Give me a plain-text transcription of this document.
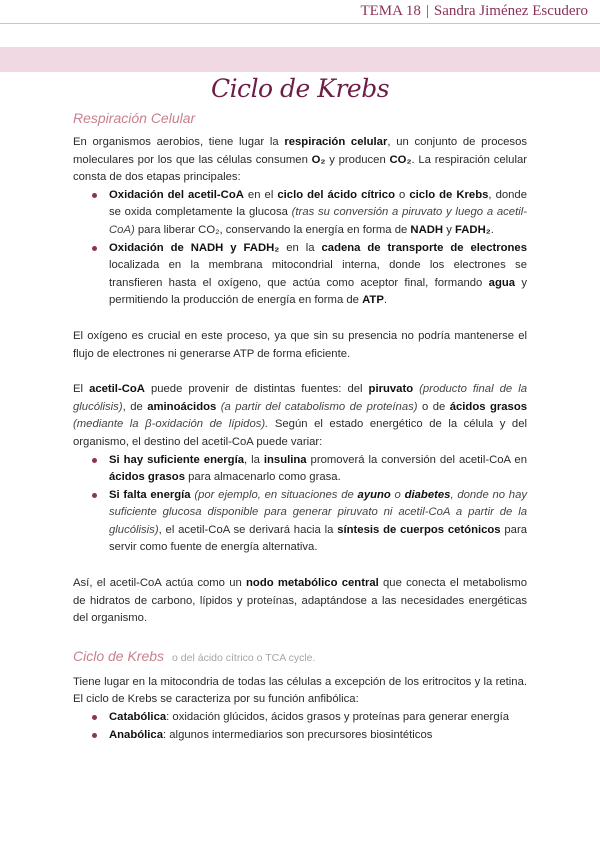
TEMA 18 | Sandra Jiménez Escudero
Ciclo de Krebs
Respiración Celular

En organismos aerobios, tiene lugar la respiración celular, un conjunto de procesos moleculares por los que las células consumen O₂ y producen CO₂. La respiración celular consta de dos etapas principales:

Oxidación del acetil-CoA en el ciclo del ácido cítrico o ciclo de Krebs, donde se oxida completamente la glucosa (tras su conversión a piruvato y luego a acetil-CoA) para liberar CO₂, conservando la energía en forma de NADH y FADH₂.
Oxidación de NADH y FADH₂ en la cadena de transporte de electrones localizada en la membrana mitocondrial interna, donde los electrones se transfieren hasta el oxígeno, que actúa como aceptor final, formando agua y permitiendo la producción de energía en forma de ATP.

El oxígeno es crucial en este proceso, ya que sin su presencia no podría mantenerse el flujo de electrones ni generarse ATP de forma eficiente.

El acetil-CoA puede provenir de distintas fuentes: del piruvato (producto final de la glucólisis), de aminoácidos (a partir del catabolismo de proteínas) o de ácidos grasos (mediante la β-oxidación de lípidos). Según el estado energético de la célula y del organismo, el destino del acetil-CoA puede variar:

Si hay suficiente energía, la insulina promoverá la conversión del acetil-CoA en ácidos grasos para almacenarlo como grasa.
Si falta energía (por ejemplo, en situaciones de ayuno o diabetes, donde no hay suficiente glucosa disponible para generar piruvato ni acetil-CoA a partir de la glucólisis), el acetil-CoA se derivará hacia la síntesis de cuerpos cetónicos para servir como fuente de energía alternativa.

Así, el acetil-CoA actúa como un nodo metabólico central que conecta el metabolismo de hidratos de carbono, lípidos y proteínas, adaptándose a las necesidades energéticas del organismo.

Ciclo de Krebs o del ácido cítrico o TCA cycle.

Tiene lugar en la mitocondria de todas las células a excepción de los eritrocitos y la retina. El ciclo de Krebs se caracteriza por su función anfibólica:

Catabólica: oxidación glúcidos, ácidos grasos y proteínas para generar energía
Anabólica: algunos intermediarios son precursores biosintéticos
